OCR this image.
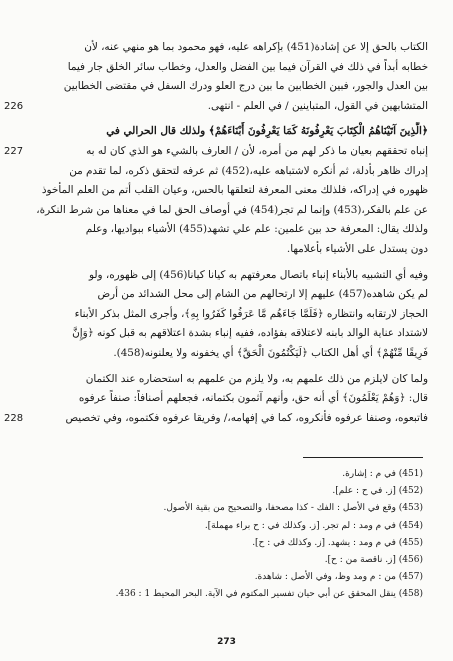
226
الكتاب بالحق إلا عن إشادة(451) بإكراهه عليه، فهو محمود بما هو منهي عنه، لأن
خطابه أبداً في ذلك في القرآن فيما بين الفضل والعدل، وخطاب سائر الخلق جار فيما
بين العدل والجور، فبين الخطابين ما بين درج العلو ودرك السفل في مقتضى الخطابين
المتشابهين في القول، المتباينين / في العلم - انتهى.
227
﴿الَّذِينَ آتَيْنَاهُمُ الْكِتَابَ يَعْرِفُونَهُ كَمَا يَعْرِفُونَ أَبْنَاءَهُمْ﴾ ولذلك قال الحرالي في
إنباه تحققهم بعيان ما ذكر لهم من أمره، لأن / العارف بالشيء هو الذي كان له به
إدراك ظاهر بأدلة، ثم أنكره لاشتباهه عليه،(452) ثم عرفه لتحقق ذكره، لما تقدم من
ظهوره في إدراكه، فلذلك معنى المعرفة لتعلقها بالحس، وعيان القلب أتم من العلم المأخوذ
عن علم بالفكر،(453) وإنما لم تجر(454) في أوصاف الحق لما في معناها من شرط النكرة،
ولذلك يقال: المعرفة حد بين علمين: علم علي تشهد(455) الأشياء ببواديها، وعلم
دون يستدل على الأشياء بأعلامها.
وفيه أي التشبيه بالأبناء إنباء باتصال معرفتهم به كيانا كيانا(456) إلى ظهوره، ولو
لم يكن شاهده(457) عليهم إلا ارتحالهم من الشام إلى محل الشدائد من أرض
الحجاز لارتقابه وانتظاره ﴿فَلَمَّا جَاءَهُم مَّا عَرَفُوا كَفَرُوا بِهِ﴾، وأجرى المثل بذكر الأبناء
لاشتداد عناية الوالد بابنه لاعتلاقه بفؤاده، ففيه إنباء بشدة اعتلاقهم به قبل كونه ﴿وَإِنَّ
فَرِيقًا مِّنْهُمْ﴾ أي أهل الكتاب ﴿لَيَكْتُمُونَ الْحَقَّ﴾ أي يخفونه ولا يعلنونه(458).
228
ولما كان لايلزم من ذلك علمهم به، ولا يلزم من علمهم به استحضاره عند الكتمان
قال: ﴿وَهُمْ يَعْلَمُونَ﴾ أي أنه حق، وأنهم آثمون بكتمانه، فجعلهم أصنافاً: صنفاً عرفوه
فاتبعوه، وصنفا عرفوه فأنكروه، كما في إفهامه،/ وفريقا عرفوه فكتموه، وفي تخصيص
(451) في م : إشارة.
(452) [ز. في ح : علم].
(453) وقع في الأصل : الفك - كذا مصحفا، والتصحيح من بقية الأصول.
(454) في م ومد : لم تجر. [ز. وكذلك في : ح براء مهملة].
(455) في م ومد : يشهد. [ز. وكذلك في : ح].
(456) [ز. ناقصة من : ح].
(457) من : م ومد وظ، وفي الأصل : شاهدة.
(458) ينقل المحقق عن أبي حيان تفسير المكتوم في الآية. البحر المحيط 1 : 436.
273
